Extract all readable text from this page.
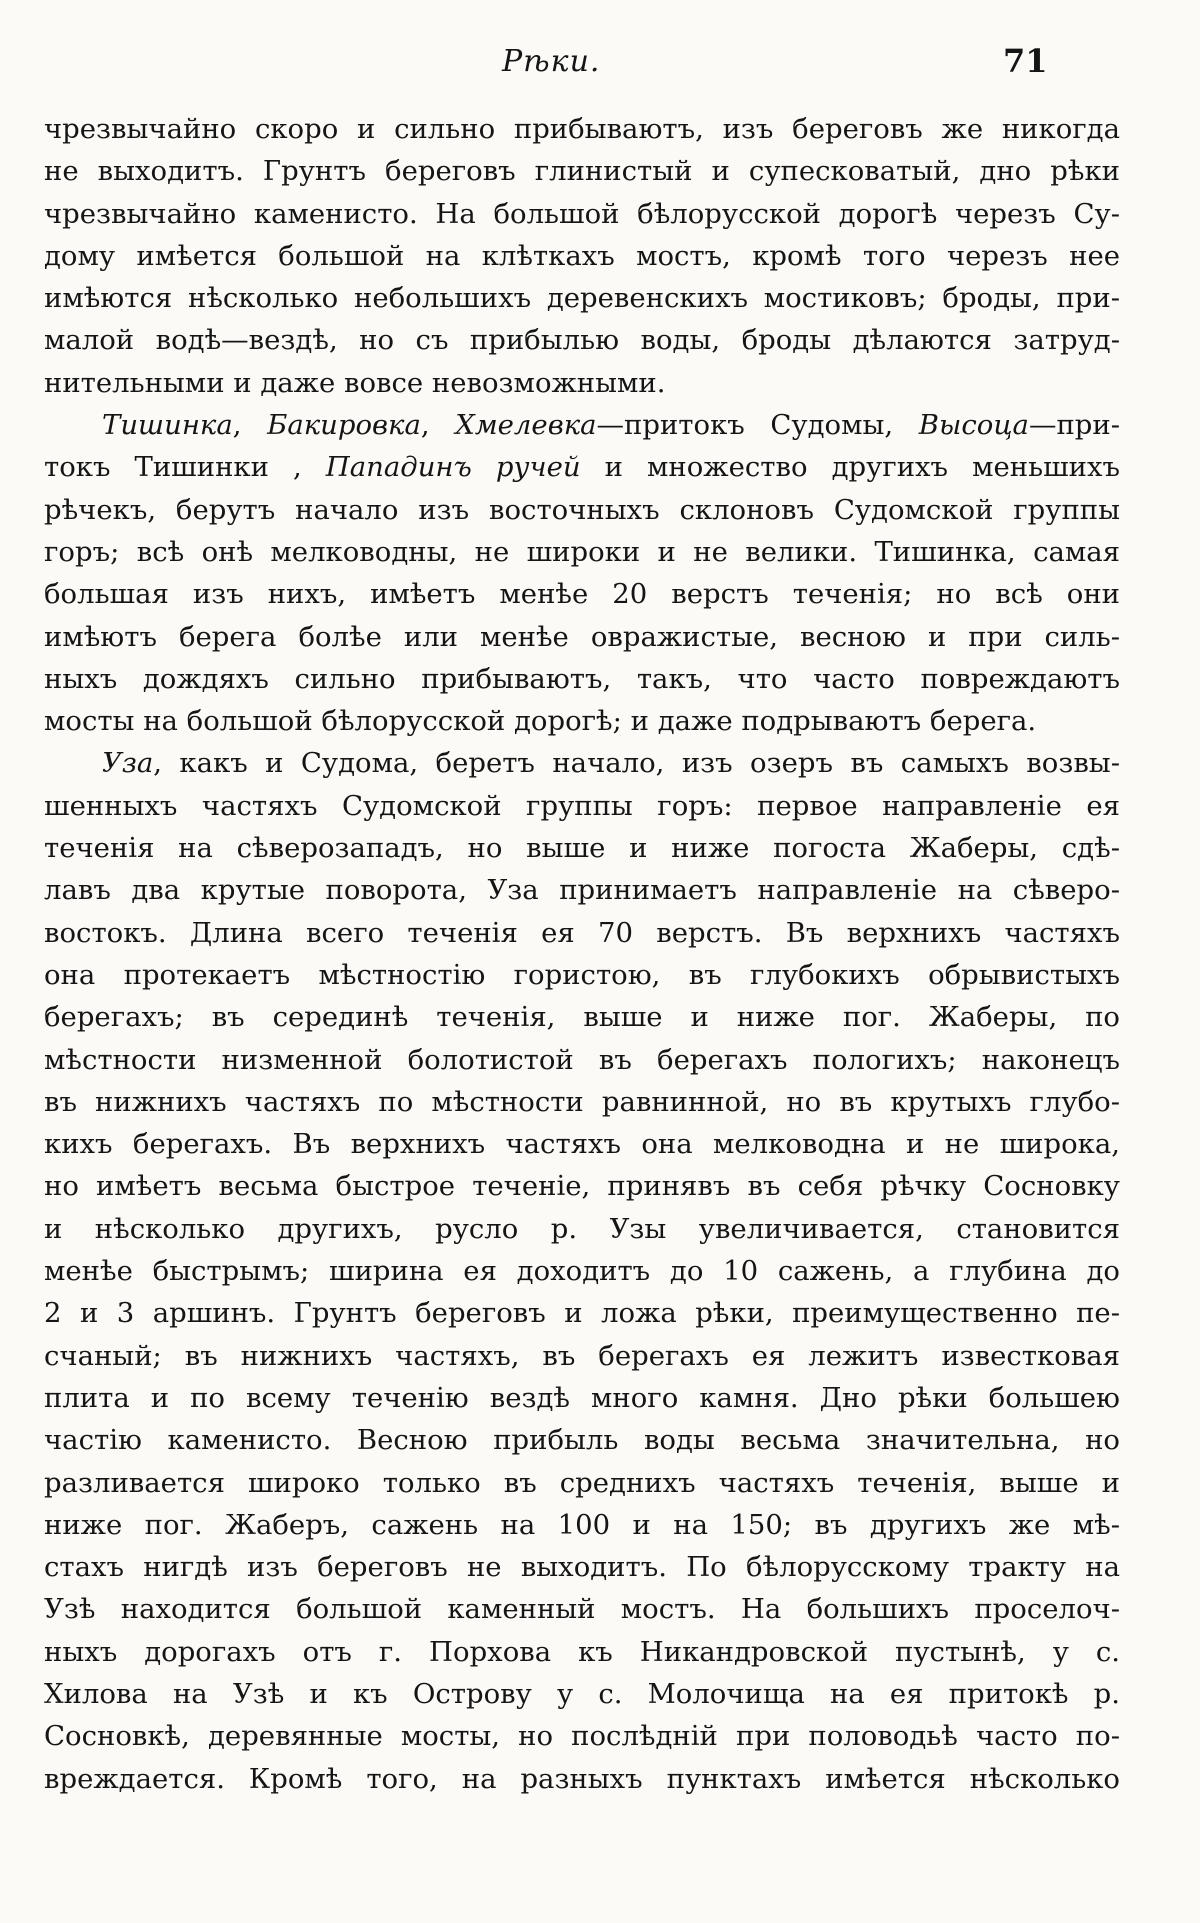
Рѣки.	71
чрезвычайно скоро и сильно прибываютъ, изъ береговъ же никогда
не выходитъ. Грунтъ береговъ глинистый и супесковатый, дно рѣки
чрезвычайно каменисто. На большой бѣлорусской дорогѣ черезъ Су-
дому имѣется большой на клѣткахъ мостъ, кромѣ того черезъ нее
имѣются нѣсколько небольшихъ деревенскихъ мостиковъ; броды, при-
малой водѣ—вездѣ, но съ прибылью воды, броды дѣлаются затруд-
нительными и даже вовсе невозможными.
Тишинка, Бакировка, Хмелевка—притокъ Судомы, Высоца—при-
токъ Тишинки , Пападинъ ручей и множество другихъ меньшихъ
рѣчекъ, берутъ начало изъ восточныхъ склоновъ Судомской группы
горъ; всѣ онѣ мелководны, не широки и не велики. Тишинка, самая
большая изъ нихъ, имѣетъ менѣе 20 верстъ теченія; но всѣ они
имѣютъ берега болѣе или менѣе овражистые, весною и при силь-
ныхъ дождяхъ сильно прибываютъ, такъ, что часто повреждаютъ
мосты на большой бѣлорусской дорогѣ; и даже подрываютъ берега.
Уза, какъ и Судома, беретъ начало, изъ озеръ въ самыхъ возвы-
шенныхъ частяхъ Судомской группы горъ: первое направленіе ея
теченія на сѣверозападъ, но выше и ниже погоста Жаберы, сдѣ-
лавъ два крутые поворота, Уза принимаетъ направленіе на сѣверо-
востокъ. Длина всего теченія ея 70 верстъ. Въ верхнихъ частяхъ
она протекаетъ мѣстностію гористою, въ глубокихъ обрывистыхъ
берегахъ; въ серединѣ теченія, выше и ниже пог. Жаберы, по
мѣстности низменной болотистой въ берегахъ пологихъ; наконецъ
въ нижнихъ частяхъ по мѣстности равнинной, но въ крутыхъ глубо-
кихъ берегахъ. Въ верхнихъ частяхъ она мелководна и не широка,
но имѣетъ весьма быстрое теченіе, принявъ въ себя рѣчку Сосновку
и нѣсколько другихъ, русло р. Узы увеличивается, становится
менѣе быстрымъ; ширина ея доходитъ до 10 сажень, а глубина до
2 и 3 аршинъ. Грунтъ береговъ и ложа рѣки, преимущественно пе-
счаный; въ нижнихъ частяхъ, въ берегахъ ея лежитъ известковая
плита и по всему теченію вездѣ много камня. Дно рѣки большею
частію каменисто. Весною прибыль воды весьма значительна, но
разливается широко только въ среднихъ частяхъ теченія, выше и
ниже пог. Жаберъ, сажень на 100 и на 150; въ другихъ же мѣ-
стахъ нигдѣ изъ береговъ не выходитъ. По бѣлорусскому тракту на
Узѣ находится большой каменный мостъ. На большихъ проселоч-
ныхъ дорогахъ отъ г. Порхова къ Никандровской пустынѣ, у с.
Хилова на Узѣ и къ Острову у с. Молочища на ея притокѣ р.
Сосновкѣ, деревянные мосты, но послѣдній при половодьѣ часто по-
вреждается. Кромѣ того, на разныхъ пунктахъ имѣется нѣсколько
